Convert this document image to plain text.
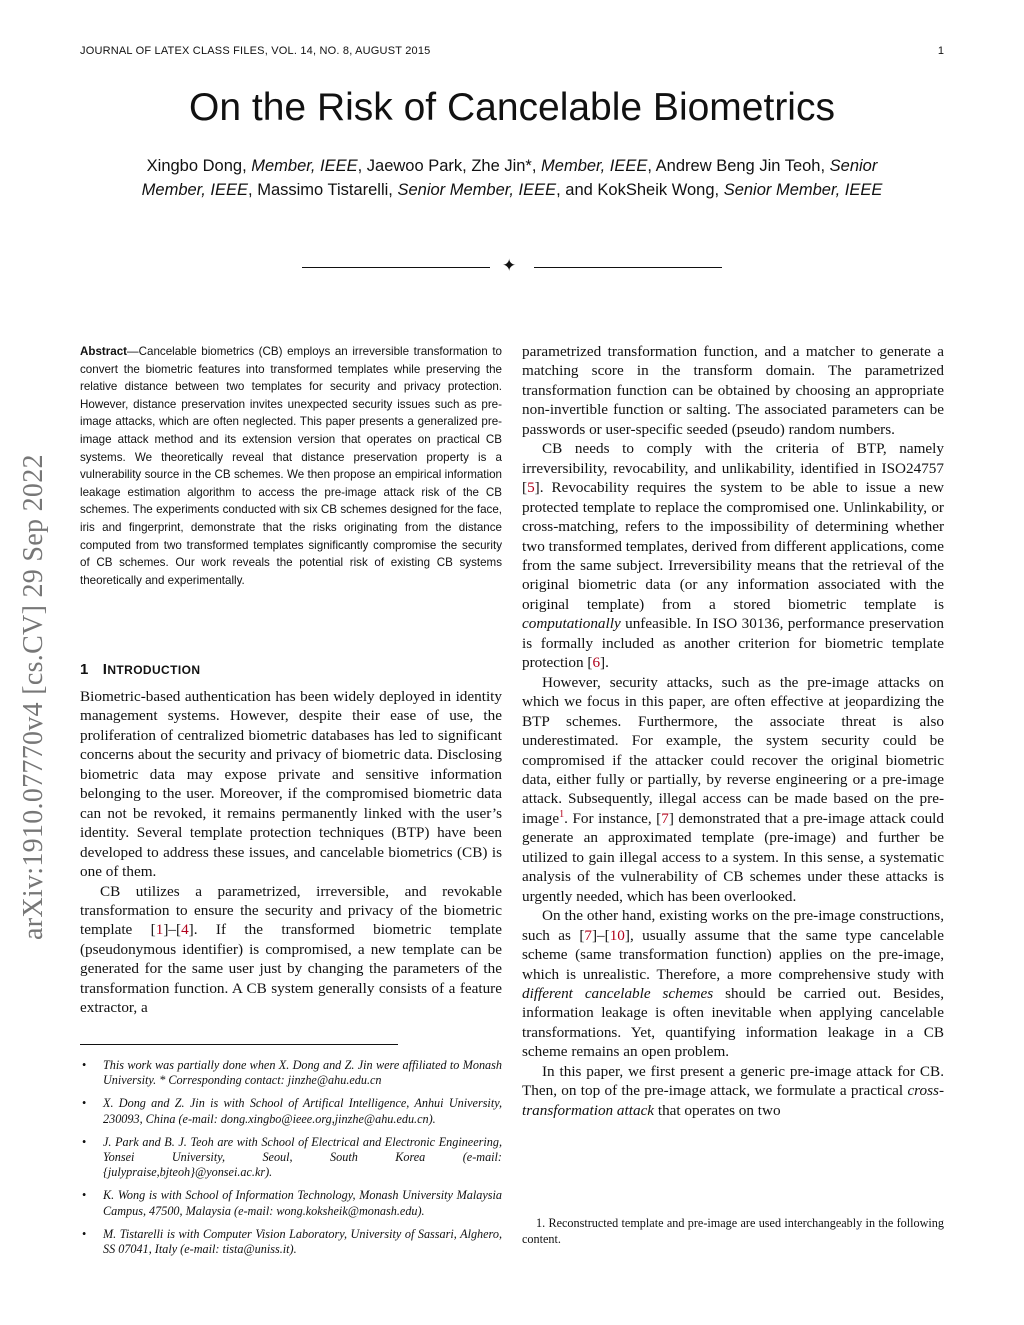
JOURNAL OF LATEX CLASS FILES, VOL. 14, NO. 8, AUGUST 2015	1
On the Risk of Cancelable Biometrics
Xingbo Dong, Member, IEEE, Jaewoo Park, Zhe Jin*, Member, IEEE, Andrew Beng Jin Teoh, Senior
Member, IEEE, Massimo Tistarelli, Senior Member, IEEE, and KokSheik Wong, Senior Member, IEEE
✦
arXiv:1910.07770v4 [cs.CV] 29 Sep 2022
Abstract—Cancelable biometrics (CB) employs an irreversible transformation to convert the biometric features into transformed templates while preserving the relative distance between two templates for security and privacy protection. However, distance preservation invites unexpected security issues such as pre-image attacks, which are often neglected. This paper presents a generalized pre-image attack method and its extension version that operates on practical CB systems. We theoretically reveal that distance preservation property is a vulnerability source in the CB schemes. We then propose an empirical information leakage estimation algorithm to access the pre-image attack risk of the CB schemes. The experiments conducted with six CB schemes designed for the face, iris and fingerprint, demonstrate that the risks originating from the distance computed from two transformed templates significantly compromise the security of CB schemes. Our work reveals the potential risk of existing CB systems theoretically and experimentally.
1 INTRODUCTION

Biometric-based authentication has been widely deployed in identity management systems. However, despite their ease of use, the proliferation of centralized biometric databases has led to significant concerns about the security and privacy of biometric data. Disclosing biometric data may expose private and sensitive information belonging to the user. Moreover, if the compromised biometric data can not be revoked, it remains permanently linked with the user’s identity. Several template protection techniques (BTP) have been developed to address these issues, and cancelable biometrics (CB) is one of them.

CB utilizes a parametrized, irreversible, and revokable transformation to ensure the security and privacy of the biometric template [1]–[4]. If the transformed biometric template (pseudonymous identifier) is compromised, a new template can be generated for the same user just by changing the parameters of the transformation function. A CB system generally consists of a feature extractor, a

parametrized transformation function, and a matcher to generate a matching score in the transform domain. The parametrized transformation function can be obtained by choosing an appropriate non-invertible function or salting. The associated parameters can be passwords or user-specific seeded (pseudo) random numbers.

CB needs to comply with the criteria of BTP, namely irreversibility, revocability, and unlikability, identified in ISO24757 [5]. Revocability requires the system to be able to issue a new protected template to replace the compromised one. Unlinkability, or cross-matching, refers to the impossibility of determining whether two transformed templates, derived from different applications, come from the same subject. Irreversibility means that the retrieval of the original biometric data (or any information associated with the original template) from a stored biometric template is computationally unfeasible. In ISO 30136, performance preservation is formally included as another criterion for biometric template protection [6].

However, security attacks, such as the pre-image attacks on which we focus in this paper, are often effective at jeopardizing the BTP schemes. Furthermore, the associate threat is also underestimated. For example, the system security could be compromised if the attacker could recover the original biometric data, either fully or partially, by reverse engineering or a pre-image attack. Subsequently, illegal access can be made based on the pre-image$^1$. For instance, [7] demonstrated that a pre-image attack could generate an approximated template (pre-image) and further be utilized to gain illegal access to a system. In this sense, a systematic analysis of the vulnerability of CB schemes under these attacks is urgently needed, which has been overlooked.

On the other hand, existing works on the pre-image constructions, such as [7]–[10], usually assume that the same type cancelable scheme (same transformation function) applies on the pre-image, which is unrealistic. Therefore, a more comprehensive study with different cancelable schemes should be carried out. Besides, information leakage is often inevitable when applying cancelable transformations. Yet, quantifying information leakage in a CB scheme remains an open problem.

In this paper, we first present a generic pre-image attack for CB. Then, on top of the pre-image attack, we formulate a practical cross-transformation attack that operates on two

• This work was partially done when X. Dong and Z. Jin were affiliated to Monash University. * Corresponding contact: jinzhe@ahu.edu.cn
• X. Dong and Z. Jin is with School of Artifical Intelligence, Anhui University, 230093, China (e-mail: dong.xingbo@ieee.org,jinzhe@ahu.edu.cn).
• J. Park and B. J. Teoh are with School of Electrical and Electronic Engineering, Yonsei University, Seoul, South Korea (e-mail: {julypraise,bjteoh}@yonsei.ac.kr).
• K. Wong is with School of Information Technology, Monash University Malaysia Campus, 47500, Malaysia (e-mail: wong.koksheik@monash.edu).
• M. Tistarelli is with Computer Vision Laboratory, University of Sassari, Alghero, SS 07041, Italy (e-mail: tista@uniss.it).
1. Reconstructed template and pre-image are used interchangeably in the following content.
